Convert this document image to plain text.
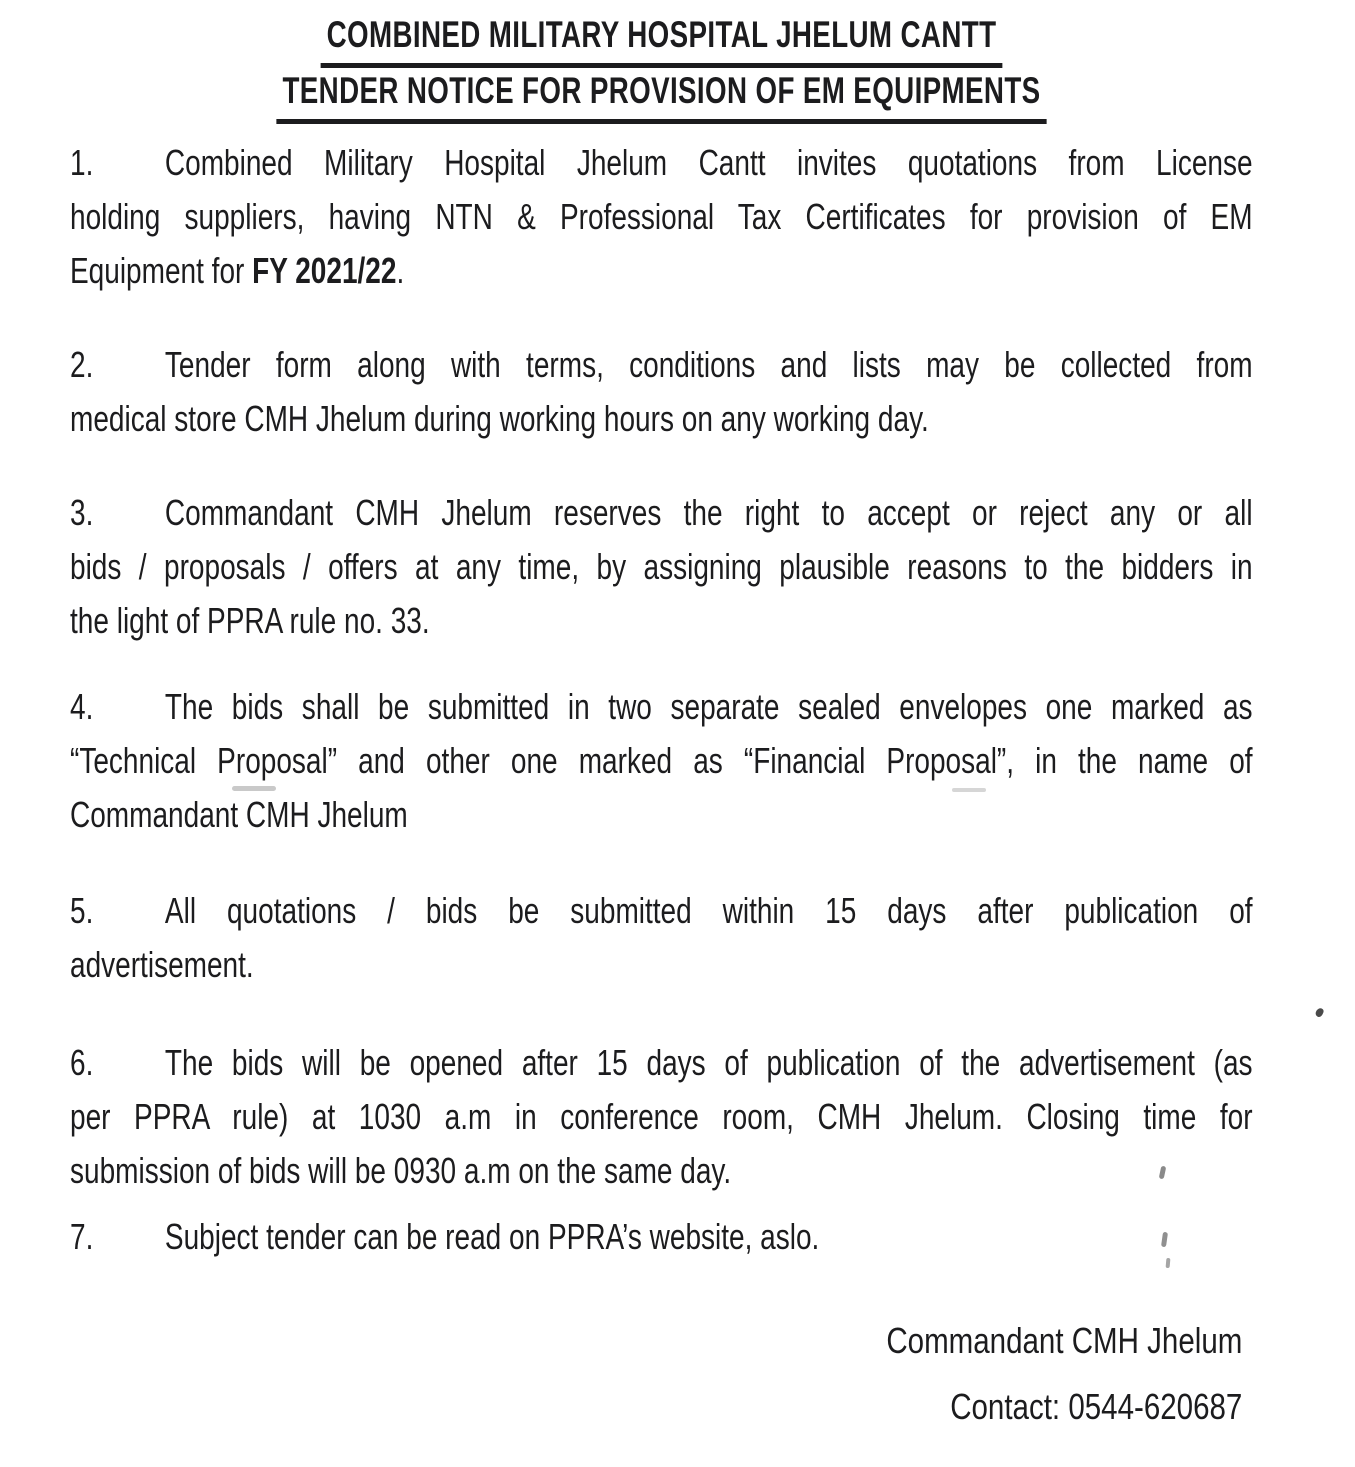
COMBINED MILITARY HOSPITAL JHELUM CANTT
TENDER NOTICE FOR PROVISION OF EM EQUIPMENTS
1. Combined Military Hospital Jhelum Cantt invites quotations from License
holding suppliers, having NTN & Professional Tax Certificates for provision of EM
Equipment for FY 2021/22.
2. Tender form along with terms, conditions and lists may be collected from
medical store CMH Jhelum during working hours on any working day.
3. Commandant CMH Jhelum reserves the right to accept or reject any or all
bids / proposals / offers at any time, by assigning plausible reasons to the bidders in
the light of PPRA rule no. 33.
4. The bids shall be submitted in two separate sealed envelopes one marked as
“Technical Proposal” and other one marked as “Financial Proposal”, in the name of
Commandant CMH Jhelum
5. All quotations / bids be submitted within 15 days after publication of
advertisement.
6. The bids will be opened after 15 days of publication of the advertisement (as
per PPRA rule) at 1030 a.m in conference room, CMH Jhelum. Closing time for
submission of bids will be 0930 a.m on the same day.
7. Subject tender can be read on PPRA’s website, aslo.
Commandant CMH Jhelum
Contact: 0544-620687
